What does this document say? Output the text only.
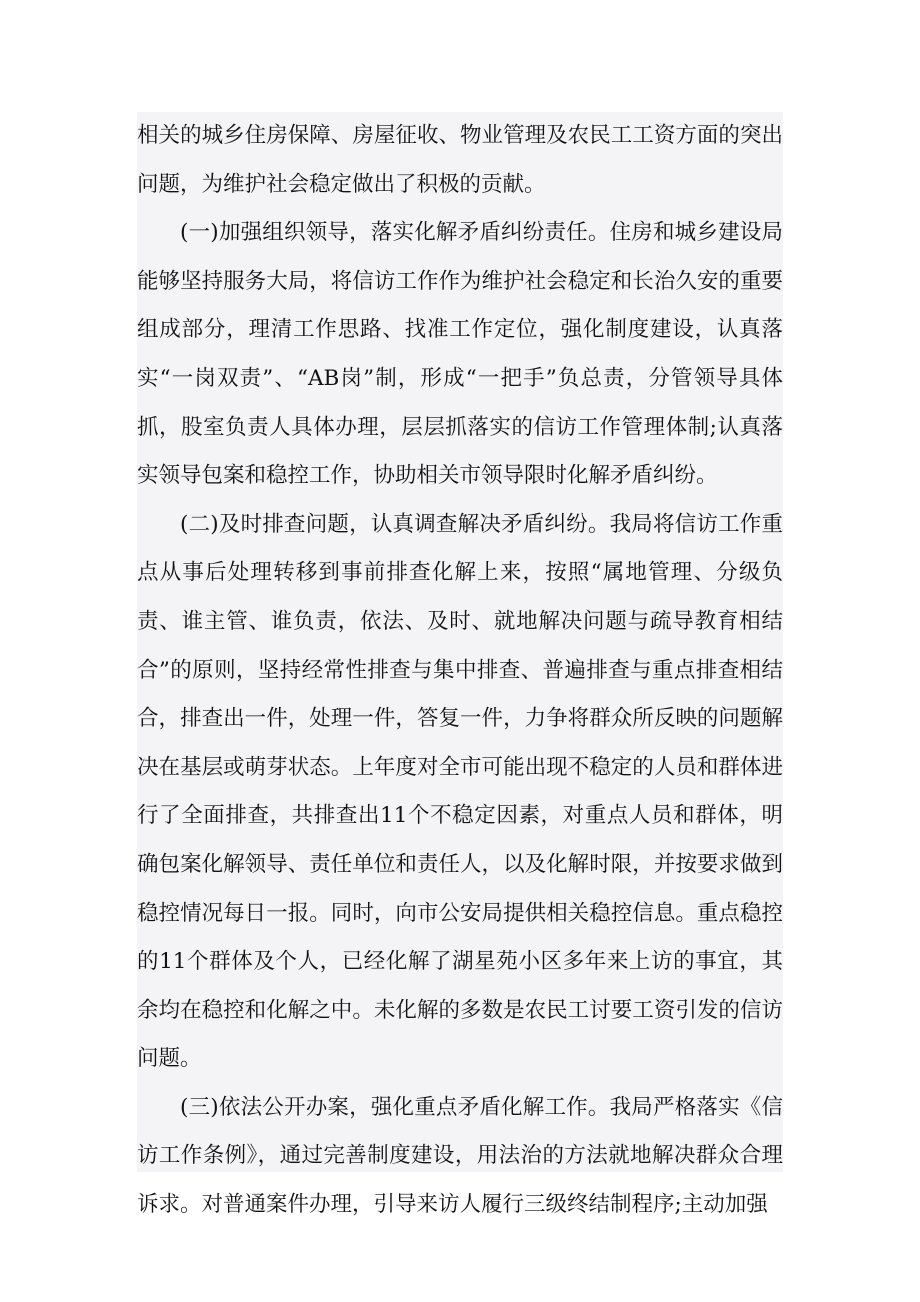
相关的城乡住房保障、房屋征收、物业管理及农民工工资方面的突出问题，为维护社会稳定做出了积极的贡献。

(一)加强组织领导，落实化解矛盾纠纷责任。住房和城乡建设局能够坚持服务大局，将信访工作作为维护社会稳定和长治久安的重要组成部分，理清工作思路、找准工作定位，强化制度建设，认真落实“一岗双责”、“AB岗”制，形成“一把手”负总责，分管领导具体抓，股室负责人具体办理，层层抓落实的信访工作管理体制;认真落实领导包案和稳控工作，协助相关市领导限时化解矛盾纠纷。

(二)及时排查问题，认真调查解决矛盾纠纷。我局将信访工作重点从事后处理转移到事前排查化解上来，按照“属地管理、分级负责、谁主管、谁负责，依法、及时、就地解决问题与疏导教育相结合”的原则，坚持经常性排查与集中排查、普遍排查与重点排查相结合，排查出一件，处理一件，答复一件，力争将群众所反映的问题解决在基层或萌芽状态。上年度对全市可能出现不稳定的人员和群体进行了全面排查，共排查出11个不稳定因素，对重点人员和群体，明确包案化解领导、责任单位和责任人，以及化解时限，并按要求做到稳控情况每日一报。同时，向市公安局提供相关稳控信息。重点稳控的11个群体及个人，已经化解了湖星苑小区多年来上访的事宜，其余均在稳控和化解之中。未化解的多数是农民工讨要工资引发的信访问题。

(三)依法公开办案，强化重点矛盾化解工作。我局严格落实《信访工作条例》，通过完善制度建设，用法治的方法就地解决群众合理诉求。对普通案件办理，引导来访人履行三级终结制程序;主动加强
